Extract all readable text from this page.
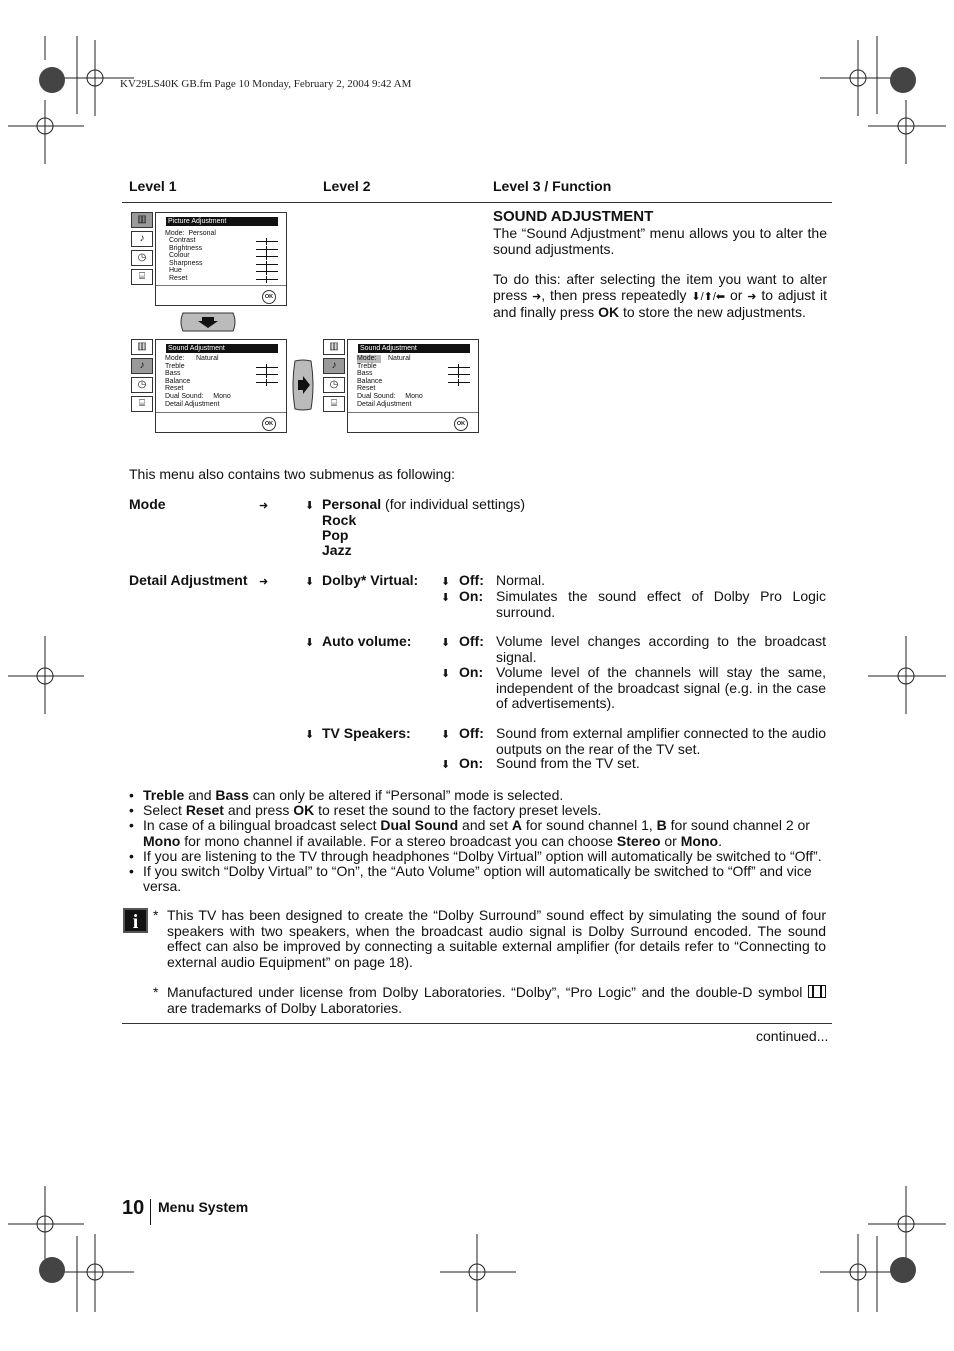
KV29LS40K GB.fm Page 10 Monday, February 2, 2004 9:42 AM
Level 1	Level 2	Level 3 / Function
▥
♪
◷
⌸
Picture Adjustment
Mode:  Personal
Contrast
Brightness
Colour
Sharpness
Hue
Reset
OK
▥
♪
◷
⌸
Sound Adjustment
Mode: Natural
Treble
Bass
Balance
Reset
Dual Sound:     Mono
Detail Adjustment
OK
▥
♪
◷
⌸
Sound Adjustment
Mode:	Natural
Treble
Bass
Balance
Reset
Dual Sound:     Mono
Detail Adjustment
OK
SOUND ADJUSTMENT
The “Sound Adjustment” menu allows you to alter the sound adjustments.
To do this: after selecting the item you want to alter press ➜, then press repeatedly ⬇/⬆/⬅ or ➜ to adjust it and finally press OK to store the new adjustments.
This menu also contains two submenus as following:
Mode	➜	⬇ Personal (for individual settings)
Rock
Pop
Jazz
Detail Adjustment ➜	⬇ Dolby* Virtual: ⬇ Off: Normal.
⬇ On: Simulates the sound effect of Dolby Pro Logic surround.
⬇ Auto volume:	⬇ Off: Volume level changes according to the broadcast signal.
⬇ On: Volume level of the channels will stay the same, independent of the broadcast signal (e.g. in the case of advertisements).
⬇ TV Speakers:	⬇ Off: Sound from external amplifier connected to the audio outputs on the rear of the TV set.
⬇ On: Sound from the TV set.
• Treble and Bass can only be altered if “Personal” mode is selected.
• Select Reset and press OK to reset the sound to the factory preset levels.
• In case of a bilingual broadcast select Dual Sound and set A for sound channel 1, B for sound channel 2 or Mono for mono channel if available. For a stereo broadcast you can choose Stereo or Mono.
• If you are listening to the TV through headphones “Dolby Virtual” option will automatically be switched to “Off”.
• If you switch “Dolby Virtual” to “On”, the “Auto Volume” option will automatically be switched to “Off” and vice versa.
i	* This TV has been designed to create the “Dolby Surround” sound effect by simulating the sound of four speakers with two speakers, when the broadcast audio signal is Dolby Surround encoded. The sound effect can also be improved by connecting a suitable external amplifier (for details refer to “Connecting to external audio Equipment” on page 18).
* Manufactured under license from Dolby Laboratories. “Dolby”, “Pro Logic” and the double-D symbol  are trademarks of Dolby Laboratories.
continued...
10 Menu System
